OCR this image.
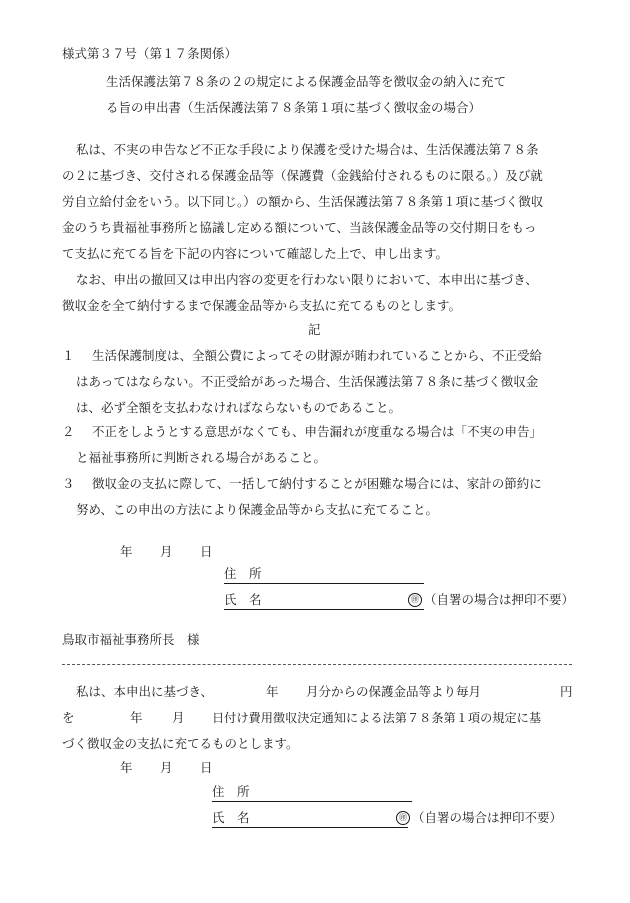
様式第３７号（第１７条関係）
生活保護法第７８条の２の規定による保護金品等を徴収金の納入に充て
る旨の申出書（生活保護法第７８条第１項に基づく徴収金の場合）
私は、不実の申告など不正な手段により保護を受けた場合は、生活保護法第７８条
の２に基づき、交付される保護金品等（保護費（金銭給付されるものに限る。）及び就
労自立給付金をいう。以下同じ。）の額から、生活保護法第７８条第１項に基づく徴収
金のうち貴福祉事務所と協議し定める額について、当該保護金品等の交付期日をもっ
て支払に充てる旨を下記の内容について確認した上で、申し出ます。
なお、申出の撤回又は申出内容の変更を行わない限りにおいて、本申出に基づき、
徴収金を全て納付するまで保護金品等から支払に充てるものとします。
記
１ 生活保護制度は、全額公費によってその財源が賄われていることから、不正受給
はあってはならない。不正受給があった場合、生活保護法第７８条に基づく徴収金
は、必ず全額を支払わなければならないものであること。
２ 不正をしようとする意思がなくても、申告漏れが度重なる場合は「不実の申告」
と福祉事務所に判断される場合があること。
３ 徴収金の支払に際して、一括して納付することが困難な場合には、家計の節約に
努め、この申出の方法により保護金品等から支払に充てること。
年 月 日
住　所
氏　名	㊞ （自署の場合は押印不要）
鳥取市福祉事務所長　様
私は、本申出に基づき、	年 月分からの保護金品等より毎月	円
を	年 月 日付け費用徴収決定通知による法第７８条第１項の規定に基
づく徴収金の支払に充てるものとします。
年 月 日
住　所
氏　名	㊞ （自署の場合は押印不要）
